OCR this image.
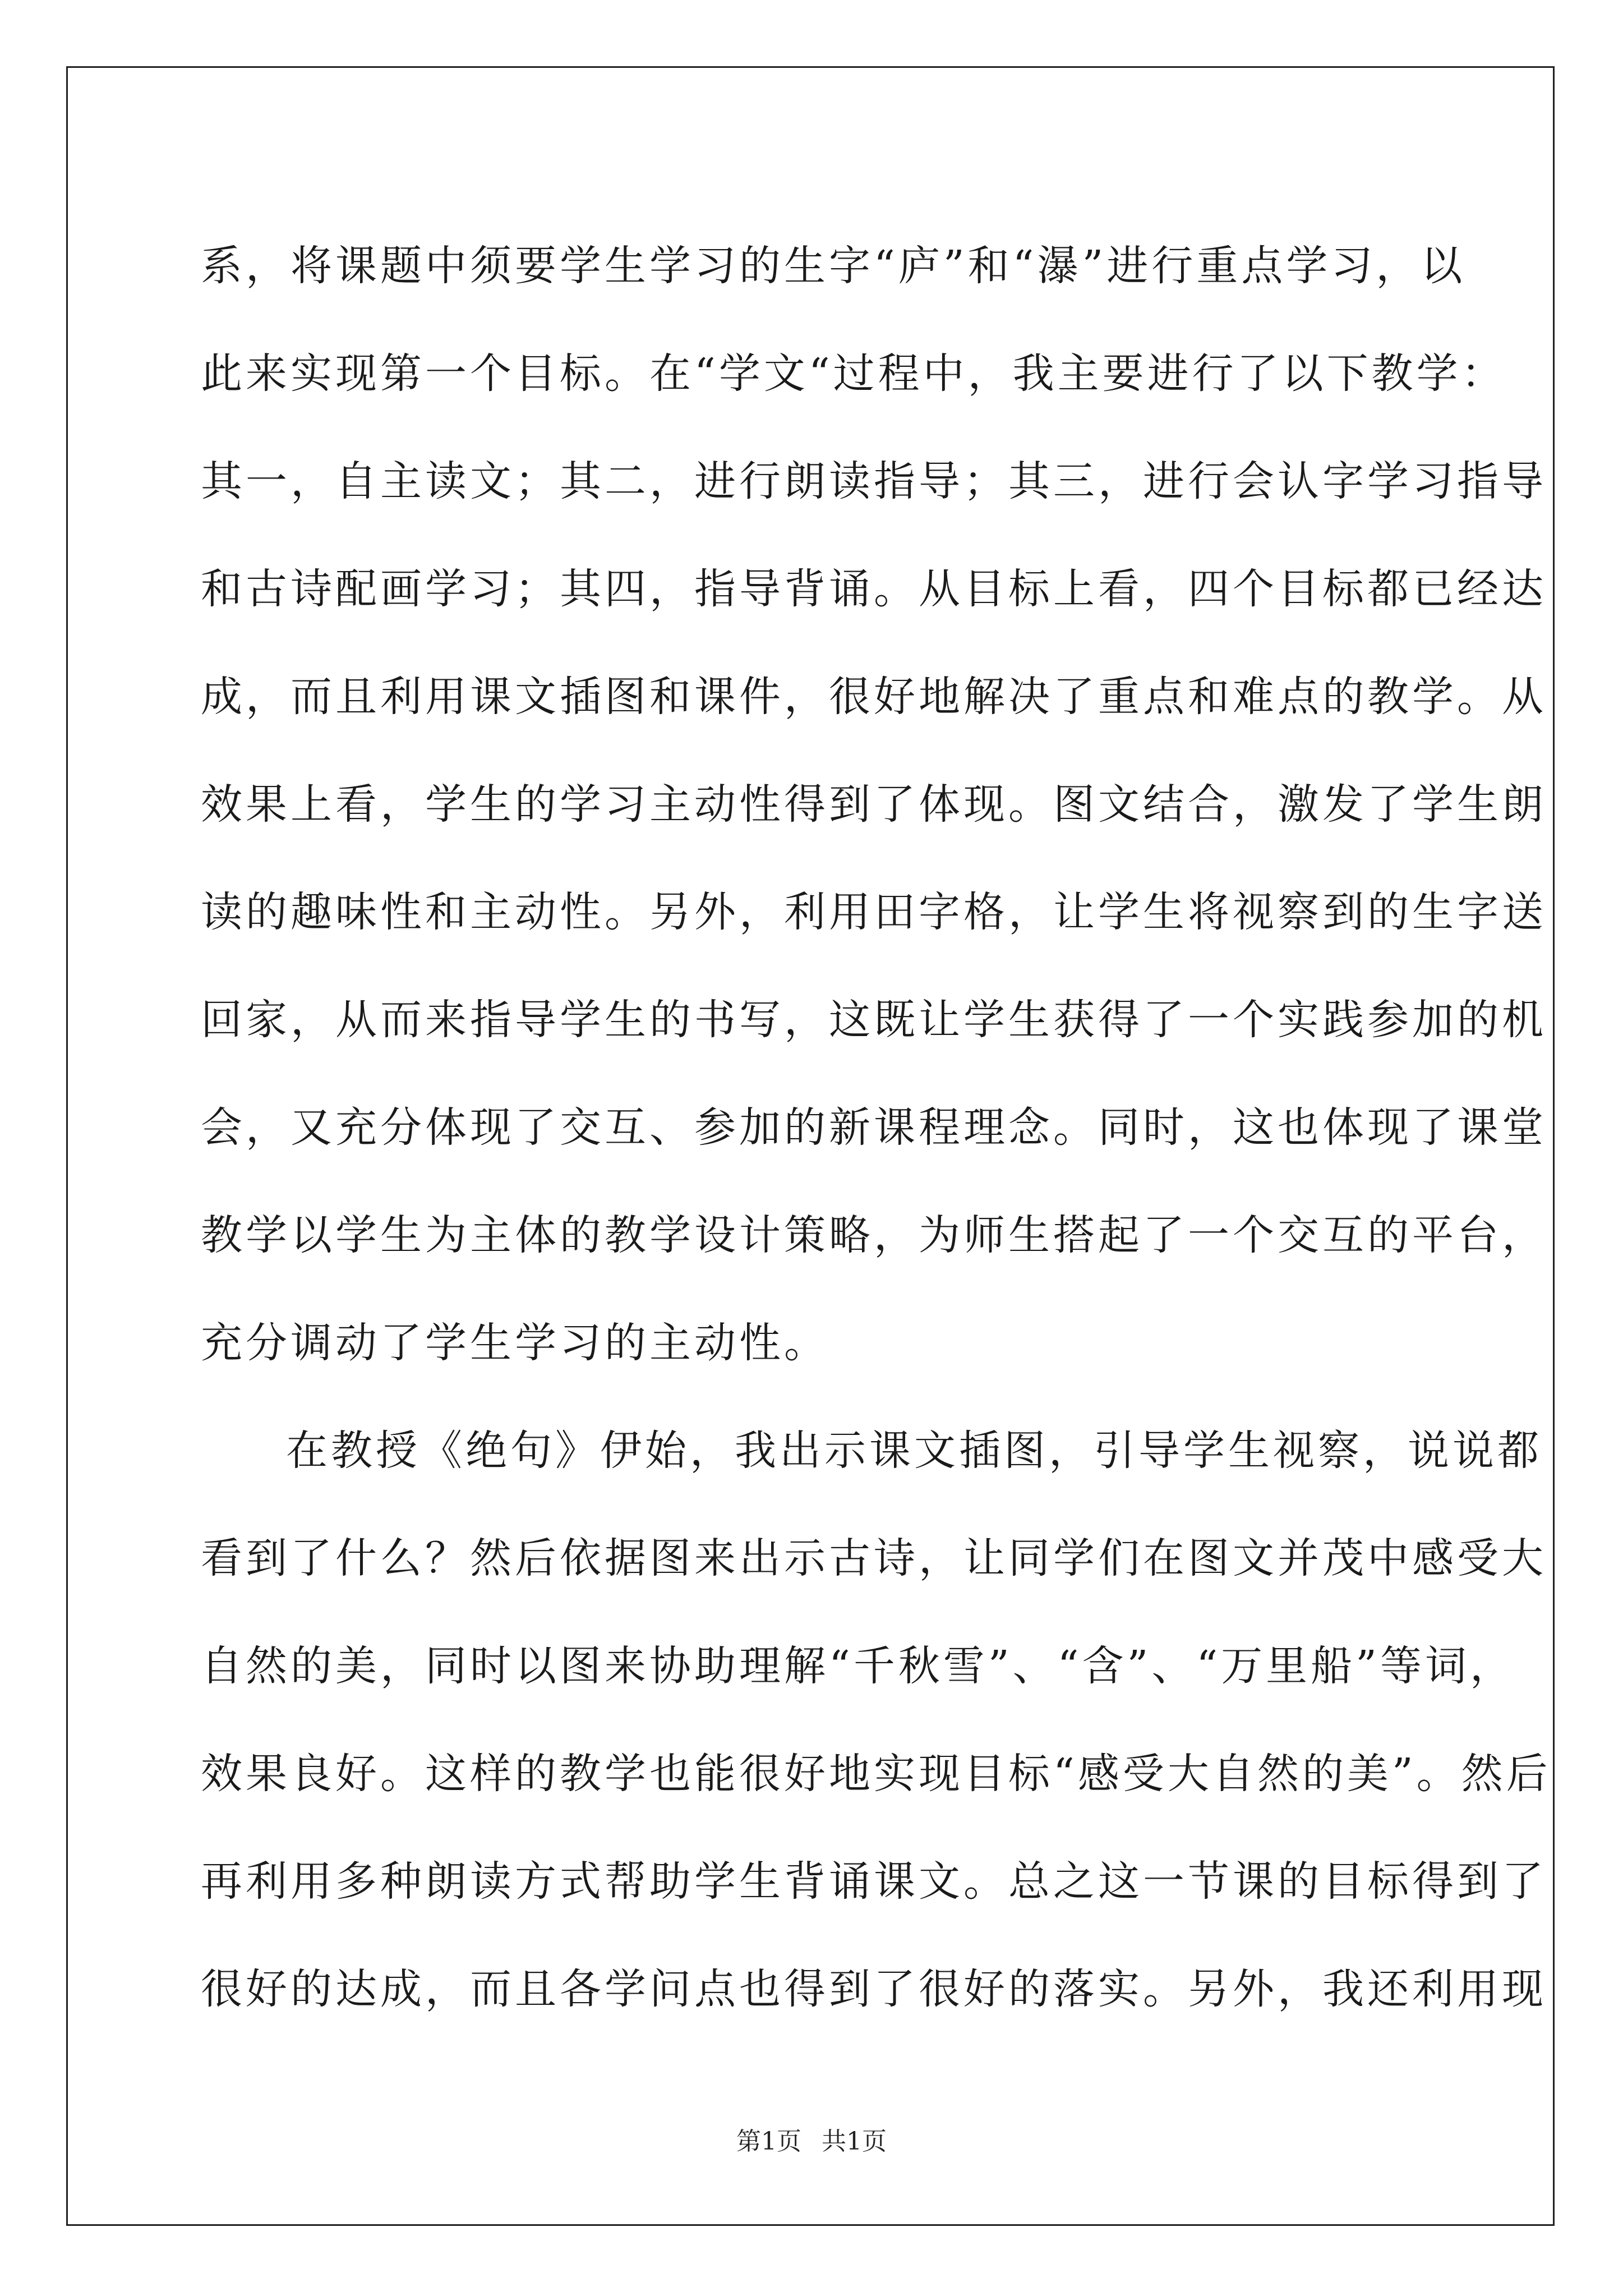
系，将课题中须要学生学习的生字“庐”和“瀑”进行重点学习，以
此来实现第一个目标。在“学文“过程中，我主要进行了以下教学：
其一，自主读文；其二，进行朗读指导；其三，进行会认字学习指导
和古诗配画学习；其四，指导背诵。从目标上看，四个目标都已经达
成，而且利用课文插图和课件，很好地解决了重点和难点的教学。从
效果上看，学生的学习主动性得到了体现。图文结合，激发了学生朗
读的趣味性和主动性。另外，利用田字格，让学生将视察到的生字送
回家，从而来指导学生的书写，这既让学生获得了一个实践参加的机
会，又充分体现了交互、参加的新课程理念。同时，这也体现了课堂
教学以学生为主体的教学设计策略，为师生搭起了一个交互的平台，
充分调动了学生学习的主动性。
在教授《绝句》伊始，我出示课文插图，引导学生视察，说说都
看到了什么？然后依据图来出示古诗，让同学们在图文并茂中感受大
自然的美，同时以图来协助理解“千秋雪”、“含”、“万里船”等词，
效果良好。这样的教学也能很好地实现目标“感受大自然的美”。然后
再利用多种朗读方式帮助学生背诵课文。总之这一节课的目标得到了
很好的达成，而且各学问点也得到了很好的落实。另外，我还利用现
第1页 共1页
